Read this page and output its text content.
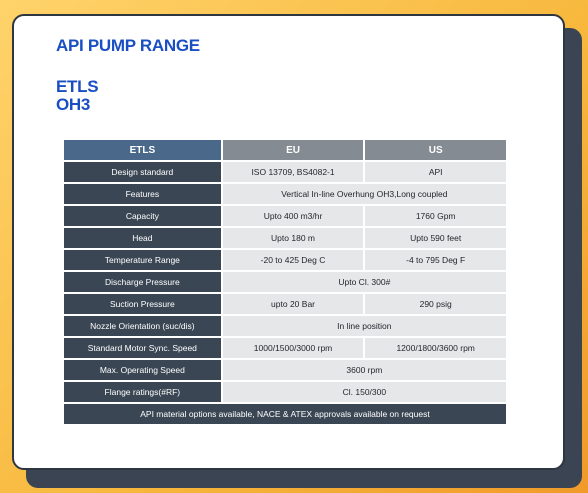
API PUMP RANGE
ETLS
OH3
ETLS	EU	US
Design standard	ISO 13709, BS4082-1	API
Features	Vertical In-line Overhung OH3,Long coupled	
Capacity	Upto 400 m3/hr	1760 Gpm
Head	Upto 180 m	Upto 590 feet
Temperature Range	-20 to 425 Deg C	-4 to 795 Deg F
Discharge Pressure	Upto Cl. 300#	
Suction Pressure	upto 20 Bar	290 psig
Nozzle Orientation (suc/dis)	In line position	
Standard Motor Sync. Speed	1000/1500/3000 rpm	1200/1800/3600 rpm
Max. Operating Speed	3600 rpm	
Flange ratings(#RF)	Cl. 150/300	
API material options available, NACE & ATEX approvals available on request		
